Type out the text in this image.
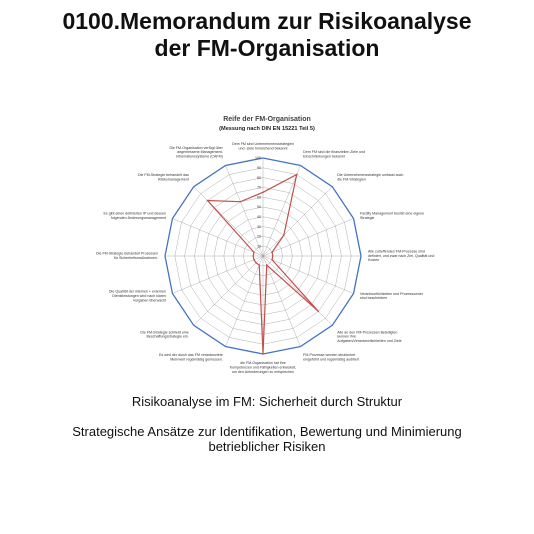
0100.Memorandum zur Risikoanalyse
der FM-Organisation
10
20
30
40
50
60
70
80
90
100
Dem FM sind Unternehmensstrategien und -ziele hinreichend bekannt
Dem FM sind die finanziellen Ziele und Einschränkungen bekannt
Die Unternehmensstrategie umfasst auch die FM-Strategien
Facility Management besitzt eine eigene Strategie
Alle zutreffenden FM-Prozesse sind definiert, und zwar nach Ziel, Qualität und Kosten
Verantwortlichkeiten und Prozessowner sind beschrieben
Alle an den FM-Prozessen Beteiligten kennen ihre Aufgaben/Verantwortlichkeiten und Ziele
FM-Prozesse werden strukturiert eingeführt und regelmäßig auditiert
die FM-Organisation hat ihre Kompetenzen und Fähigkeiten entwickelt, um den Anforderungen zu entsprechen
Es wird der durch das FM verantwortete Mehrwert regelmäßig gemessen.
Die FM-Strategie schließt eine Beschaffungsstrategie ein.
Die Qualität der internen + externen Dienstleistungen wird nach klaren Vorgaben überwacht
Die FM-Strategie behandelt Prozessen für Sicherheitsmaßnahmen.
Es gibt einen definierten IP und dessen folgenden Änderungsmanagement
Die FM-Strategie behandelt das Risikomanagement
Die FM-Organisation verfügt über angemessene Management-Informationssysteme (CAFM)
Reife der FM-Organisation
(Messung nach DIN EN 15221 Teil 5)

Risikoanalyse im FM: Sicherheit durch Struktur

Strategische Ansätze zur Identifikation, Bewertung und Minimierung betrieblicher Risiken
